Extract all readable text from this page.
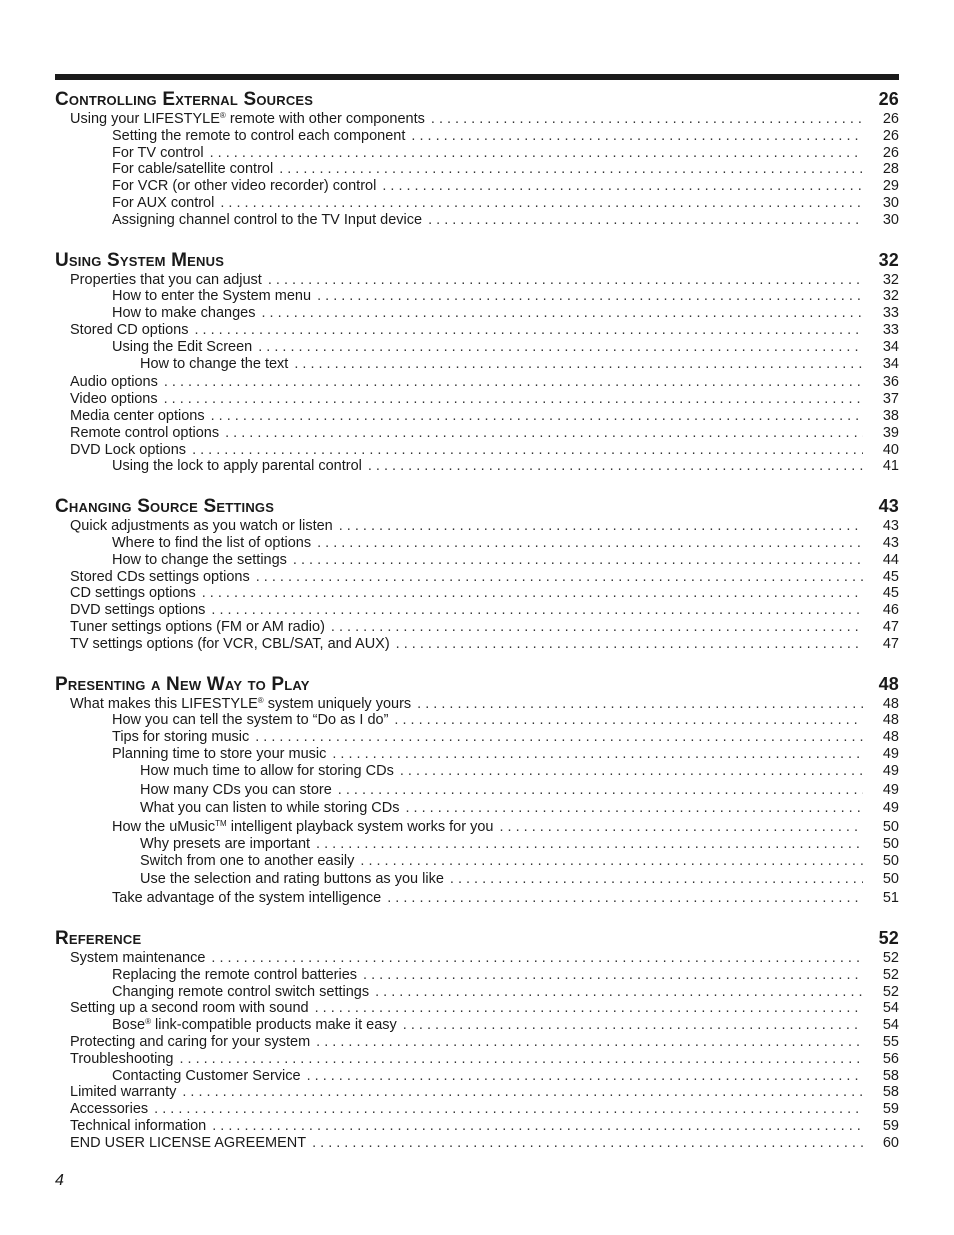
Controlling External Sources	26
Using your LIFESTYLE® remote with other components . . .	26
Setting the remote to control each component . . .	26
For TV control . . .	26
For cable/satellite control . . .	28
For VCR (or other video recorder) control . . .	29
For AUX control . . .	30
Assigning channel control to the TV Input device . . .	30
Using System Menus	32
Properties that you can adjust . . .	32
How to enter the System menu . . .	32
How to make changes . . .	33
Stored CD options . . .	33
Using the Edit Screen . . .	34
How to change the text . . .	34
Audio options . . .	36
Video options . . .	37
Media center options . . .	38
Remote control options . . .	39
DVD Lock options . . .	40
Using the lock to apply parental control . . .	41
Changing Source Settings	43
Quick adjustments as you watch or listen . . .	43
Where to find the list of options . . .	43
How to change the settings . . .	44
Stored CDs settings options . . .	45
CD settings options . . .	45
DVD settings options . . .	46
Tuner settings options (FM or AM radio) . . .	47
TV settings options (for VCR, CBL/SAT, and AUX) . . .	47
Presenting a New Way to Play	48
What makes this LIFESTYLE® system uniquely yours . . .	48
How you can tell the system to “Do as I do” . . .	48
Tips for storing music . . .	48
Planning time to store your music . . .	49
How much time to allow for storing CDs . . .	49
How many CDs you can store . . .	49
What you can listen to while storing CDs . . .	49
How the uMusic™ intelligent playback system works for you . . .	50
Why presets are important . . .	50
Switch from one to another easily . . .	50
Use the selection and rating buttons as you like . . .	50
Take advantage of the system intelligence . . .	51
Reference	52
System maintenance . . .	52
Replacing the remote control batteries . . .	52
Changing remote control switch settings . . .	52
Setting up a second room with sound . . .	54
Bose® link-compatible products make it easy . . .	54
Protecting and caring for your system . . .	55
Troubleshooting . . .	56
Contacting Customer Service . . .	58
Limited warranty . . .	58
Accessories . . .	59
Technical information . . .	59
END USER LICENSE AGREEMENT . . .	60
4
